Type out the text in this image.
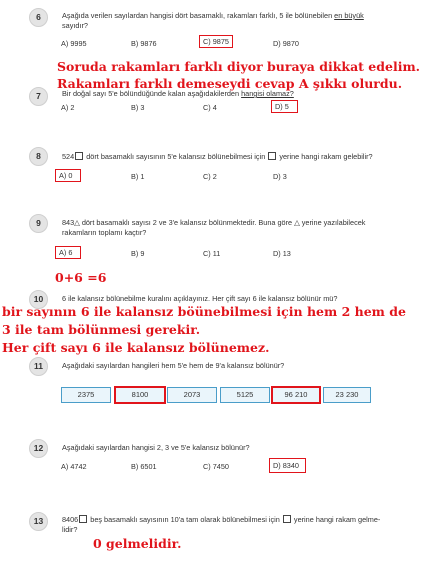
6	Aşağıda verilen sayılardan hangisi dört basamaklı, rakamları farklı, 5 ile bölünebilen en büyük
sayıdır?
A) 9995	B) 9876	C) 9875	D) 9870
Soruda rakamları farklı diyor buraya dikkat edelim.
Rakamları farklı demeseydi cevap A şıkkı olurdu.
7	Bir doğal sayı 5'e bölündüğünde kalan aşağıdakilerden hangisi olamaz?
A) 2	B) 3	C) 4	D) 5
8	524 dört basamaklı sayısının 5'e kalansız bölünebilmesi için yerine hangi rakam gelebilir?
A) 0	B) 1	C) 2	D) 3
9	843△ dört basamaklı sayısı 2 ve 3'e kalansız bölünmektedir. Buna göre △ yerine yazılabilecek
rakamların toplamı kaçtır?
A) 6	B) 9	C) 11	D) 13
0+6 =6
10	6 ile kalansız bölünebilme kuralını açıklayınız. Her çift sayı 6 ile kalansız bölünür mü?
bir sayının 6 ile kalansız böünebilmesi için hem 2 hem de
3 ile tam bölünmesi gerekir.
Her çift sayı 6 ile kalansız bölünemez.
11	Aşağıdaki sayılardan hangileri hem 5'e hem de 9'a kalansız bölünür?
2375	8100	2073	5125	96 210	23 230
12	Aşağıdaki sayılardan hangisi 2, 3 ve 5'e kalansız bölünür?
A) 4742	B) 6501	C) 7450	D) 8340
13	8406 beş basamaklı sayısının 10'a tam olarak bölünebilmesi için yerine hangi rakam gelme-
lidir?
0 gelmelidir.
